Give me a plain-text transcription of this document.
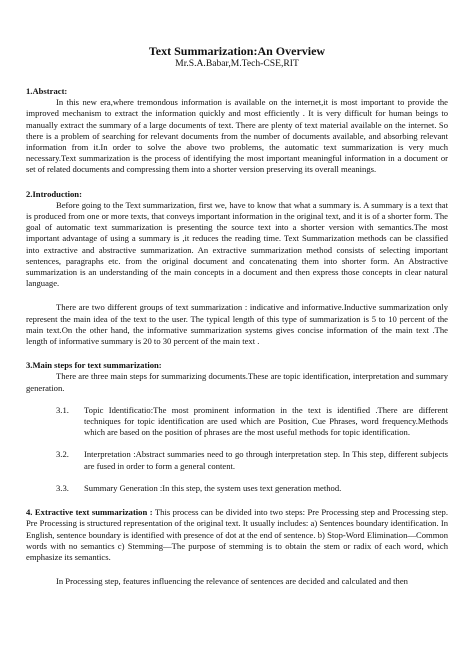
Text Summarization:An Overview

Mr.S.A.Babar,M.Tech-CSE,RIT

1.Abstract:

In this new era,where tremondous information is available on the internet,it is most important to provide the improved mechanism to extract the information quickly and most efficiently . It is very difficult for human beings to manually extract the summary of a large documents of text. There are plenty of text material available on the internet. So there is a problem of searching for relevant documents from the number of documents available, and absorbing relevant information from it.In order to solve the above two problems, the automatic text summarization is very much necessary.Text summarization is the process of identifying the most important meaningful information in a document or set of related documents and compressing them into a shorter version preserving its overall meanings.

2.Introduction:

Before going to the Text summarization, first we, have to know that what a summary is. A summary is a text that is produced from one or more texts, that conveys important information in the original text, and it is of a shorter form. The goal of automatic text summarization is presenting the source text into a shorter version with semantics.The most important advantage of using a summary is ,it reduces the reading time. Text Summarization methods can be classified into extractive and abstractive summarization. An extractive summarization method consists of selecting important sentences, paragraphs etc. from the original document and concatenating them into shorter form. An Abstractive summarization is an understanding of the main concepts in a document and then express those concepts in clear natural language.

There are two different groups of text summarization : indicative and informative.Inductive summarization only represent the main idea of the text to the user. The typical length of this type of summarization is 5 to 10 percent of the main text.On the other hand, the informative summarization systems gives concise information of the main text .The length of informative summary is 20 to 30 percent of the main text .

3.Main steps for text summarization:

There are three main steps for summarizing documents.These are topic identification, interpretation and summary generation.

3.1.	Topic Identificatio:The most prominent information in the text is identified .There are different techniques for topic identification are used which are Position, Cue Phrases, word frequency.Methods which are based on the position of phrases are the most useful methods for topic identification.
3.2.	Interpretation :Abstract summaries need to go through interpretation step. In This step, different subjects are fused in order to form a general content.
3.3.	Summary Generation :In this step, the system uses text generation method.

4. Extractive text summarization : This process can be divided into two steps: Pre Processing step and Processing step. Pre Processing is structured representation of the original text. It usually includes: a) Sentences boundary identification. In English, sentence boundary is identified with presence of dot at the end of sentence. b) Stop-Word Elimination—Common words with no semantics c) Stemming—The purpose of stemming is to obtain the stem or radix of each word, which emphasize its semantics.

In Processing step, features influencing the relevance of sentences are decided and calculated and then
